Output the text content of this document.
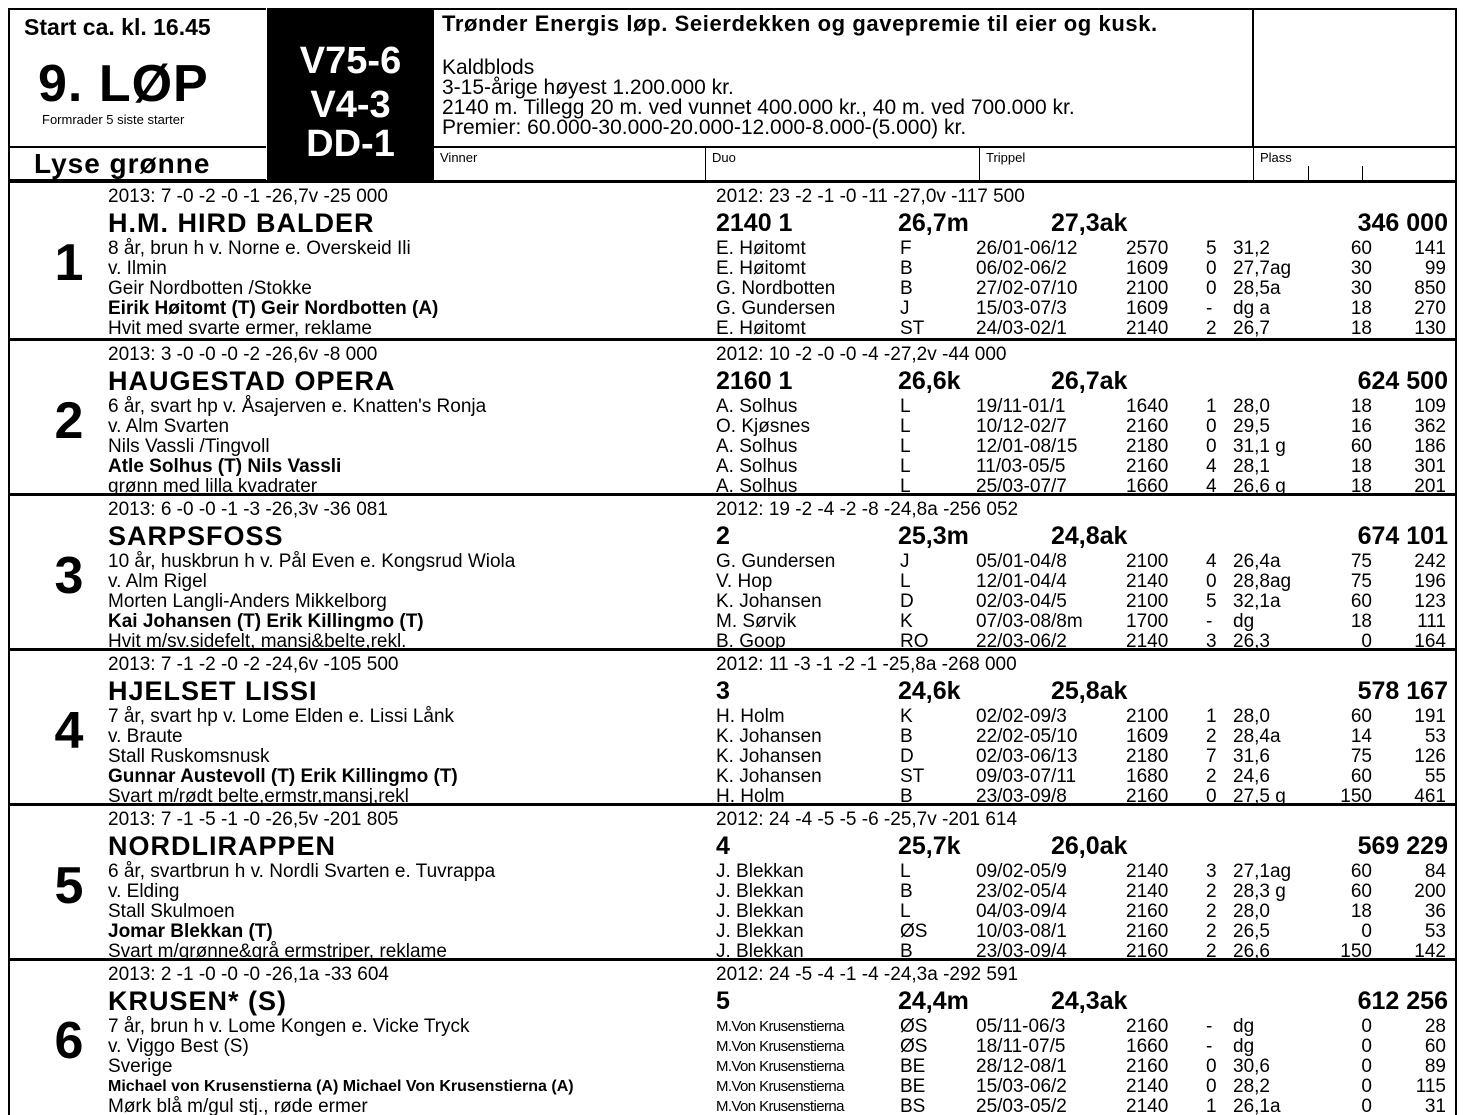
Start ca. kl. 16.45
9. LØP
Formrader 5 siste starter
Lyse grønne
V75-6
V4-3
DD-1
Trønder Energis løp. Seierdekken og gavepremie til eier og kusk.
Kaldblods
3-15-årige høyest 1.200.000 kr.
2140 m. Tillegg 20 m. ved vunnet 400.000 kr., 40 m. ved 700.000 kr.
Premier: 60.000-30.000-20.000-12.000-8.000-(5.000) kr.
Vinner	Duo	Trippel	Plass
1
2013: 7 -0 -2 -0 -1 -26,7v -25 000	2012: 23 -2 -1 -0 -11 -27,0v -117 500
H.M. HIRD BALDER	2140 1	26,7m	27,3ak	346 000
8 år, brun h v. Norne e. Overskeid Ili
v. Ilmin
Geir Nordbotten /Stokke
Eirik Høitomt (T) Geir Nordbotten (A)
Hvit med svarte ermer, reklame
E. Høitomt	F	26/01-06/12	2570 5 31,2	60	141
E. Høitomt	B	06/02-06/2	1609 0 27,7ag	30	99
G. Nordbotten	B	27/02-07/10	2100 0 28,5a	30	850
G. Gundersen	J	15/03-07/3	1609 - dg a	18	270
E. Høitomt	ST	24/03-02/1	2140 2 26,7	18	130
2
2013: 3 -0 -0 -0 -2 -26,6v -8 000	2012: 10 -2 -0 -0 -4 -27,2v -44 000
HAUGESTAD OPERA	2160 1	26,6k	26,7ak	624 500
6 år, svart hp v. Åsajerven e. Knatten's Ronja
v. Alm Svarten
Nils Vassli /Tingvoll
Atle Solhus (T) Nils Vassli
grønn med lilla kvadrater
A. Solhus	L	19/11-01/1	1640 1 28,0	18	109
O. Kjøsnes	L	10/12-02/7	2160 0 29,5	16	362
A. Solhus	L	12/01-08/15	2180 0 31,1 g	60	186
A. Solhus	L	11/03-05/5	2160 4 28,1	18	301
A. Solhus	L	25/03-07/7	1660 4 26,6 g	18	201
3
2013: 6 -0 -0 -1 -3 -26,3v -36 081	2012: 19 -2 -4 -2 -8 -24,8a -256 052
SARPSFOSS	2	25,3m	24,8ak	674 101
10 år, huskbrun h v. Pål Even e. Kongsrud Wiola
v. Alm Rigel
Morten Langli-Anders Mikkelborg
Kai Johansen (T) Erik Killingmo (T)
Hvit m/sv.sidefelt, mansj&belte,rekl.
G. Gundersen	J	05/01-04/8	2100 4 26,4a	75	242
V. Hop	L	12/01-04/4	2140 0 28,8ag	75	196
K. Johansen	D	02/03-04/5	2100 5 32,1a	60	123
M. Sørvik	K	07/03-08/8m 1700 - dg	18	111
B. Goop	RO	22/03-06/2	2140 3 26,3	0	164
4
2013: 7 -1 -2 -0 -2 -24,6v -105 500	2012: 11 -3 -1 -2 -1 -25,8a -268 000
HJELSET LISSI	3	24,6k	25,8ak	578 167
7 år, svart hp v. Lome Elden e. Lissi Lånk
v. Braute
Stall Ruskomsnusk
Gunnar Austevoll (T) Erik Killingmo (T)
Svart m/rødt belte,ermstr,mansj,rekl
H. Holm	K	02/02-09/3	2100 1 28,0	60	191
K. Johansen	B	22/02-05/10	1609 2 28,4a	14	53
K. Johansen	D	02/03-06/13	2180 7 31,6	75	126
K. Johansen	ST	09/03-07/11	1680 2 24,6	60	55
H. Holm	B	23/03-09/8	2160 0 27,5 g	150	461
5
2013: 7 -1 -5 -1 -0 -26,5v -201 805	2012: 24 -4 -5 -5 -6 -25,7v -201 614
NORDLIRAPPEN	4	25,7k	26,0ak	569 229
6 år, svartbrun h v. Nordli Svarten e. Tuvrappa
v. Elding
Stall Skulmoen
Jomar Blekkan (T)
Svart m/grønne&grå ermstriper, reklame
J. Blekkan	L	09/02-05/9	2140 3 27,1ag	60	84
J. Blekkan	B	23/02-05/4	2140 2 28,3 g	60	200
J. Blekkan	L	04/03-09/4	2160 2 28,0	18	36
J. Blekkan	ØS	10/03-08/1	2160 2 26,5	0	53
J. Blekkan	B	23/03-09/4	2160 2 26,6	150	142
6
2013: 2 -1 -0 -0 -0 -26,1a -33 604	2012: 24 -5 -4 -1 -4 -24,3a -292 591
KRUSEN* (S)	5	24,4m	24,3ak	612 256
7 år, brun h v. Lome Kongen e. Vicke Tryck
v. Viggo Best (S)
Sverige
Michael von Krusenstierna (A) Michael Von Krusenstierna (A)
Mørk blå m/gul stj., røde ermer
M.Von Krusenstierna	ØS	05/11-06/3	2160 - dg	0	28
M.Von Krusenstierna	ØS	18/11-07/5	1660 - dg	0	60
M.Von Krusenstierna	BE	28/12-08/1	2160 0 30,6	0	89
M.Von Krusenstierna	BE	15/03-06/2	2140 0 28,2	0	115
M.Von Krusenstierna	BS	25/03-05/2	2140 1 26,1a	0	31
